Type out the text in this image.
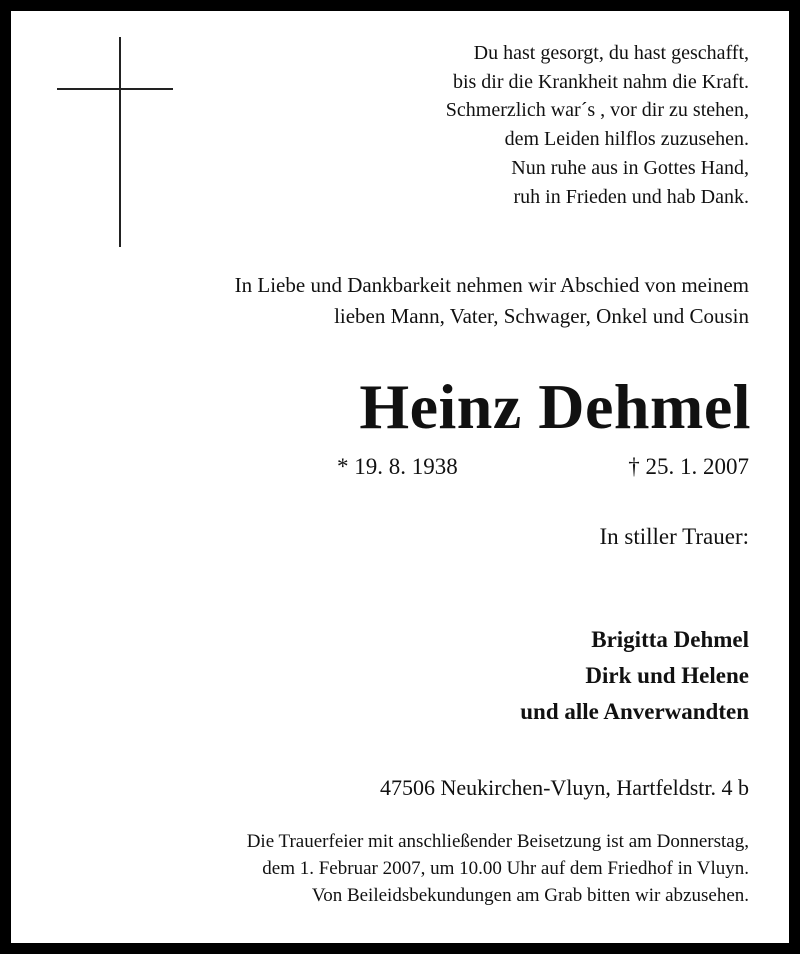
Du hast gesorgt, du hast geschafft,
bis dir die Krankheit nahm die Kraft.
Schmerzlich war´s , vor dir zu stehen,
dem Leiden hilflos zuzusehen.
Nun ruhe aus in Gottes Hand,
ruh in Frieden und hab Dank.
In Liebe und Dankbarkeit nehmen wir Abschied von meinem
lieben Mann, Vater, Schwager, Onkel und Cousin
Heinz Dehmel
* 19. 8. 1938	† 25. 1. 2007
In stiller Trauer:
Brigitta Dehmel
Dirk und Helene
und alle Anverwandten
47506 Neukirchen-Vluyn, Hartfeldstr. 4 b
Die Trauerfeier mit anschließender Beisetzung ist am Donnerstag,
dem 1. Februar 2007, um 10.00 Uhr auf dem Friedhof in Vluyn.
Von Beileidsbekundungen am Grab bitten wir abzusehen.
